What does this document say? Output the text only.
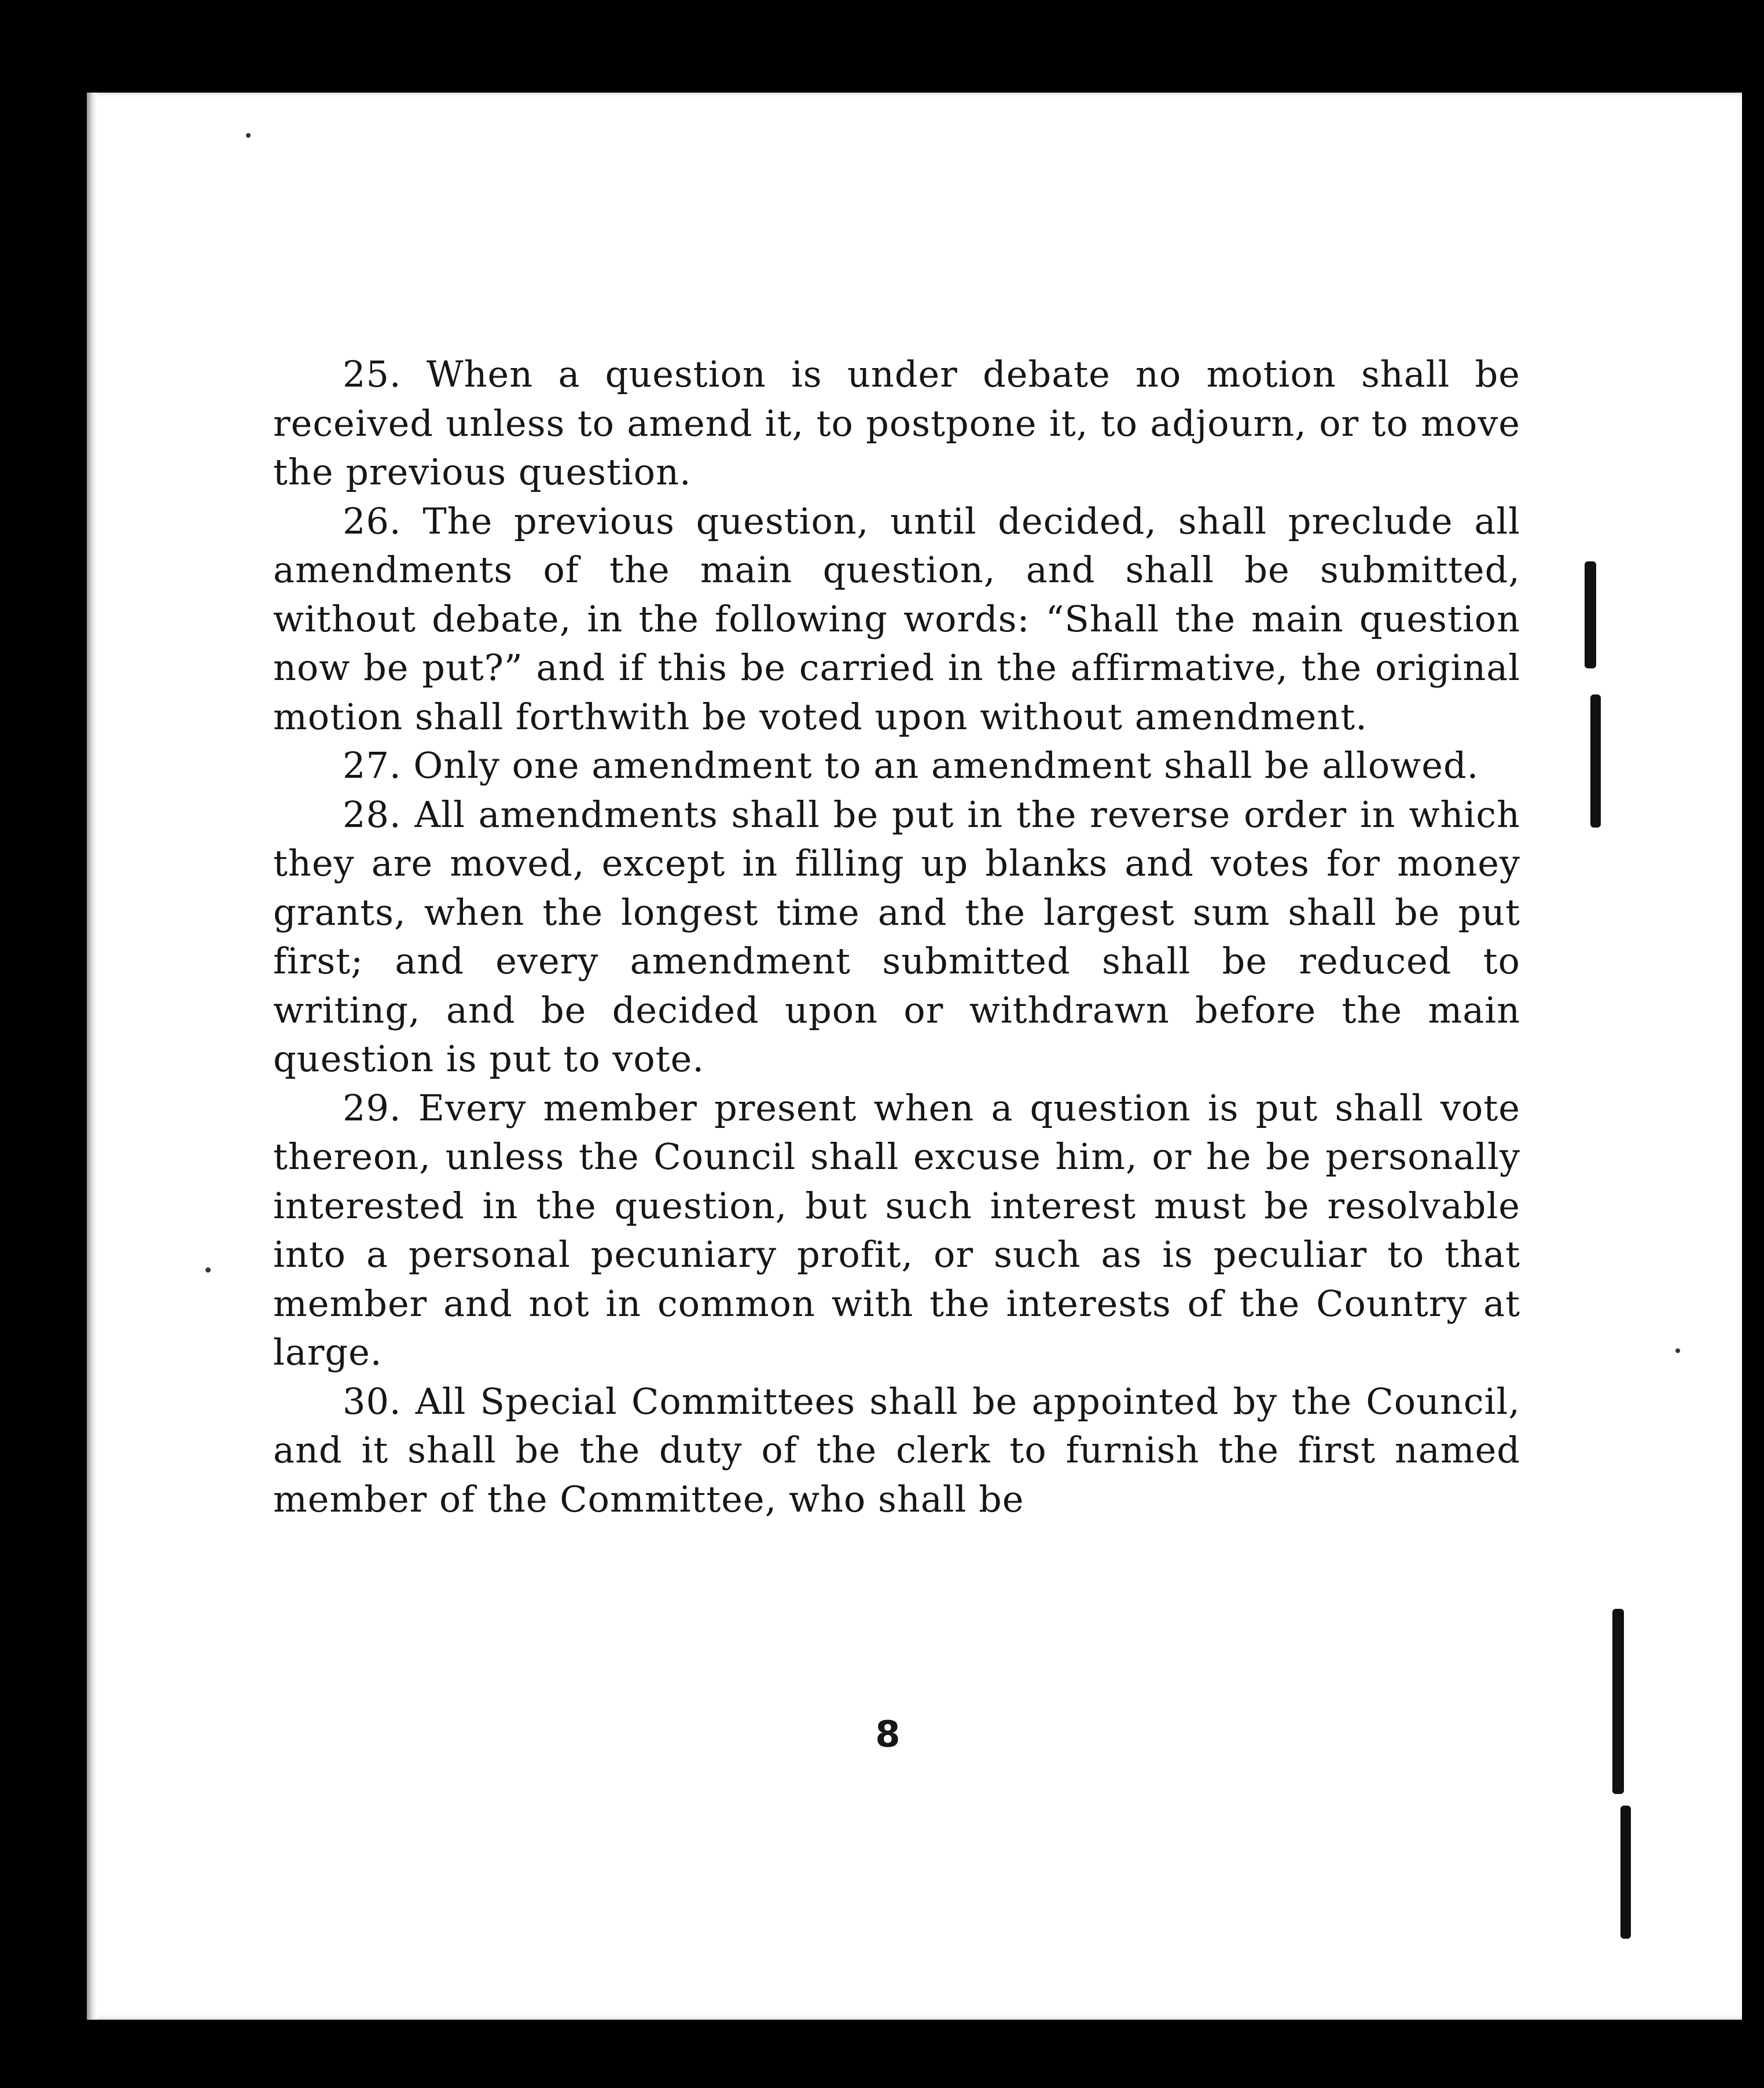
25. When a question is under debate no motion shall be received unless to amend it, to postpone it, to adjourn, or to move the previous question.

26. The previous question, until decided, shall preclude all amendments of the main question, and shall be submitted, without debate, in the following words: “Shall the main question now be put?” and if this be carried in the affirmative, the original motion shall forthwith be voted upon without amendment.

27. Only one amendment to an amendment shall be allowed.

28. All amendments shall be put in the reverse order in which they are moved, except in filling up blanks and votes for money grants, when the longest time and the largest sum shall be put first; and every amendment submitted shall be reduced to writing, and be decided upon or withdrawn before the main question is put to vote.

29. Every member present when a question is put shall vote thereon, unless the Council shall excuse him, or he be personally interested in the question, but such interest must be resolvable into a personal pecuniary profit, or such as is peculiar to that member and not in common with the interests of the Country at large.

30. All Special Committees shall be appointed by the Council, and it shall be the duty of the clerk to furnish the first named member of the Committee, who shall be

8
